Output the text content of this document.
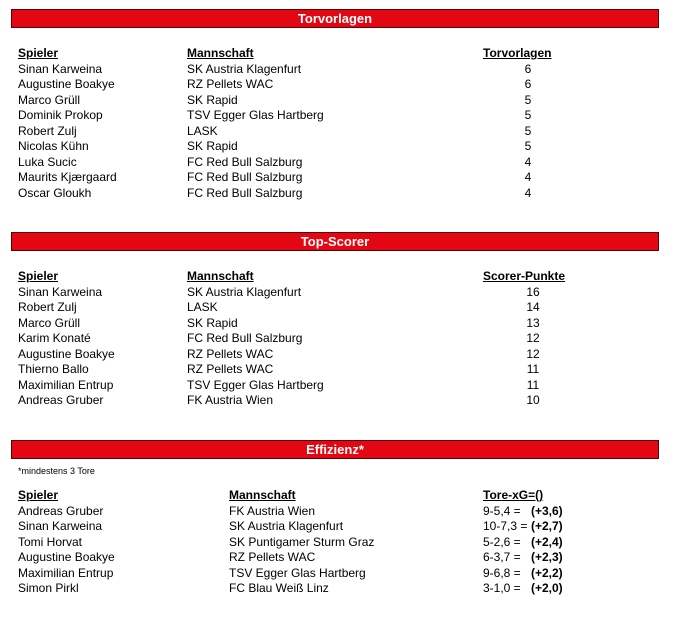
Torvorlagen
Spieler	Mannschaft	Torvorlagen
Sinan Karweina	SK Austria Klagenfurt	6
Augustine Boakye	RZ Pellets WAC	6
Marco Grüll	SK Rapid	5
Dominik Prokop	TSV Egger Glas Hartberg	5
Robert Zulj	LASK	5
Nicolas Kühn	SK Rapid	5
Luka Sucic	FC Red Bull Salzburg	4
Maurits Kjærgaard	FC Red Bull Salzburg	4
Oscar Gloukh	FC Red Bull Salzburg	4
Top-Scorer
Spieler	Mannschaft	Scorer-Punkte
Sinan Karweina	SK Austria Klagenfurt	16
Robert Zulj	LASK	14
Marco Grüll	SK Rapid	13
Karim Konaté	FC Red Bull Salzburg	12
Augustine Boakye	RZ Pellets WAC	12
Thierno Ballo	RZ Pellets WAC	11
Maximilian Entrup	TSV Egger Glas Hartberg	11
Andreas Gruber	FK Austria Wien	10
Effizienz*
*mindestens 3 Tore
Spieler	Mannschaft	Tore-xG=()
Andreas Gruber	FK Austria Wien	9-5,4 = (+3,6)
Sinan Karweina	SK Austria Klagenfurt	10-7,3 = (+2,7)
Tomi Horvat	SK Puntigamer Sturm Graz	5-2,6 = (+2,4)
Augustine Boakye	RZ Pellets WAC	6-3,7 = (+2,3)
Maximilian Entrup	TSV Egger Glas Hartberg	9-6,8 = (+2,2)
Simon Pirkl	FC Blau Weiß Linz	3-1,0 = (+2,0)
